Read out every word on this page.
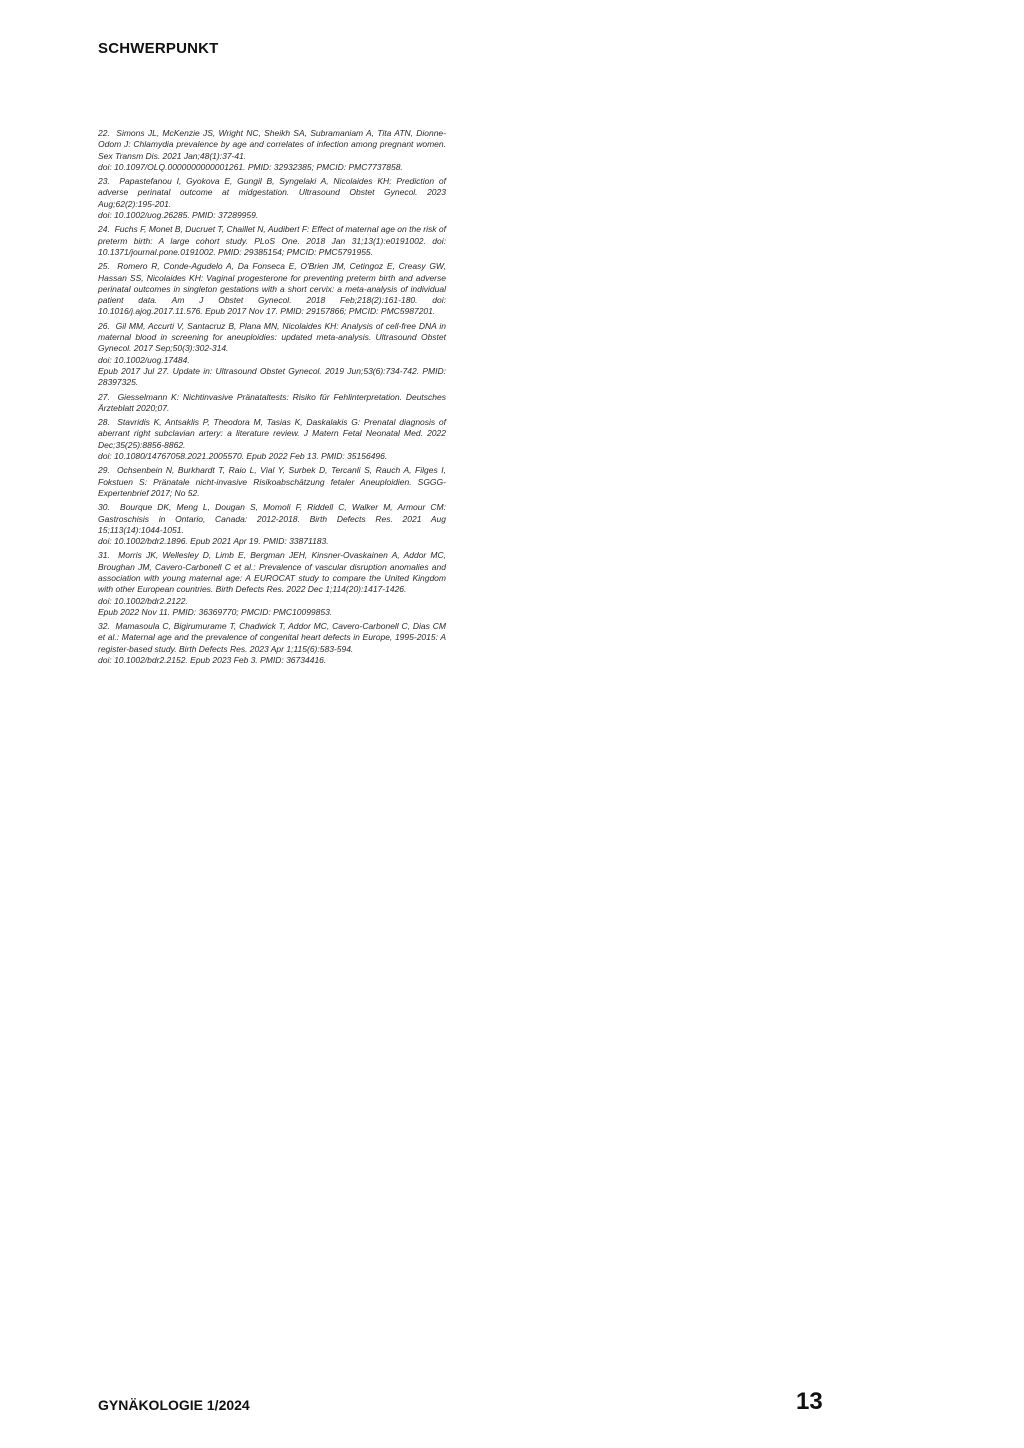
SCHWERPUNKT
22. Simons JL, McKenzie JS, Wright NC, Sheikh SA, Subramaniam A, Tita ATN, Dionne-Odom J: Chlamydia prevalence by age and correlates of infection among pregnant women. Sex Transm Dis. 2021 Jan;48(1):37-41.
doi: 10.1097/OLQ.0000000000001261. PMID: 32932385; PMCID: PMC7737858.
23. Papastefanou I, Gyokova E, Gungil B, Syngelaki A, Nicolaides KH: Prediction of adverse perinatal outcome at midgestation. Ultrasound Obstet Gynecol. 2023 Aug;62(2):195-201.
doi: 10.1002/uog.26285. PMID: 37289959.
24. Fuchs F, Monet B, Ducruet T, Chaillet N, Audibert F: Effect of maternal age on the risk of preterm birth: A large cohort study. PLoS One. 2018 Jan 31;13(1):e0191002. doi: 10.1371/journal.pone.0191002. PMID: 29385154; PMCID: PMC5791955.
25. Romero R, Conde-Agudelo A, Da Fonseca E, O'Brien JM, Cetingoz E, Creasy GW, Hassan SS, Nicolaides KH: Vaginal progesterone for preventing preterm birth and adverse perinatal outcomes in singleton gestations with a short cervix: a meta-analysis of individual patient data. Am J Obstet Gynecol. 2018 Feb;218(2):161-180. doi: 10.1016/j.ajog.2017.11.576. Epub 2017 Nov 17. PMID: 29157866; PMCID: PMC5987201.
26. Gil MM, Accurti V, Santacruz B, Plana MN, Nicolaides KH: Analysis of cell-free DNA in maternal blood in screening for aneuploidies: updated meta-analysis. Ultrasound Obstet Gynecol. 2017 Sep;50(3):302-314.
doi: 10.1002/uog.17484.
Epub 2017 Jul 27. Update in: Ultrasound Obstet Gynecol. 2019 Jun;53(6):734-742. PMID: 28397325.
27. Giesselmann K: Nichtinvasive Pränataltests: Risiko für Fehlinterpretation. Deutsches Ärzteblatt 2020;07.
28. Stavridis K, Antsaklis P, Theodora M, Tasias K, Daskalakis G: Prenatal diagnosis of aberrant right subclavian artery: a literature review. J Matern Fetal Neonatal Med. 2022 Dec;35(25):8856-8862.
doi: 10.1080/14767058.2021.2005570. Epub 2022 Feb 13. PMID: 35156496.
29. Ochsenbein N, Burkhardt T, Raio L, Vial Y, Surbek D, Tercanli S, Rauch A, Filges I, Fokstuen S: Pränatale nicht-invasive Risikoabschätzung fetaler Aneuploidien. SGGG-Expertenbrief 2017; No 52.
30. Bourque DK, Meng L, Dougan S, Momoli F, Riddell C, Walker M, Armour CM: Gastroschisis in Ontario, Canada: 2012-2018. Birth Defects Res. 2021 Aug 15;113(14):1044-1051.
doi: 10.1002/bdr2.1896. Epub 2021 Apr 19. PMID: 33871183.
31. Morris JK, Wellesley D, Limb E, Bergman JEH, Kinsner-Ovaskainen A, Addor MC, Broughan JM, Cavero-Carbonell C et al.: Prevalence of vascular disruption anomalies and association with young maternal age: A EUROCAT study to compare the United Kingdom with other European countries. Birth Defects Res. 2022 Dec 1;114(20):1417-1426.
doi: 10.1002/bdr2.2122.
Epub 2022 Nov 11. PMID: 36369770; PMCID: PMC10099853.
32. Mamasoula C, Bigirumurame T, Chadwick T, Addor MC, Cavero-Carbonell C, Dias CM et al.: Maternal age and the prevalence of congenital heart defects in Europe, 1995-2015: A register-based study. Birth Defects Res. 2023 Apr 1;115(6):583-594.
doi: 10.1002/bdr2.2152. Epub 2023 Feb 3. PMID: 36734416.
GYNÄKOLOGIE 1/2024	13
